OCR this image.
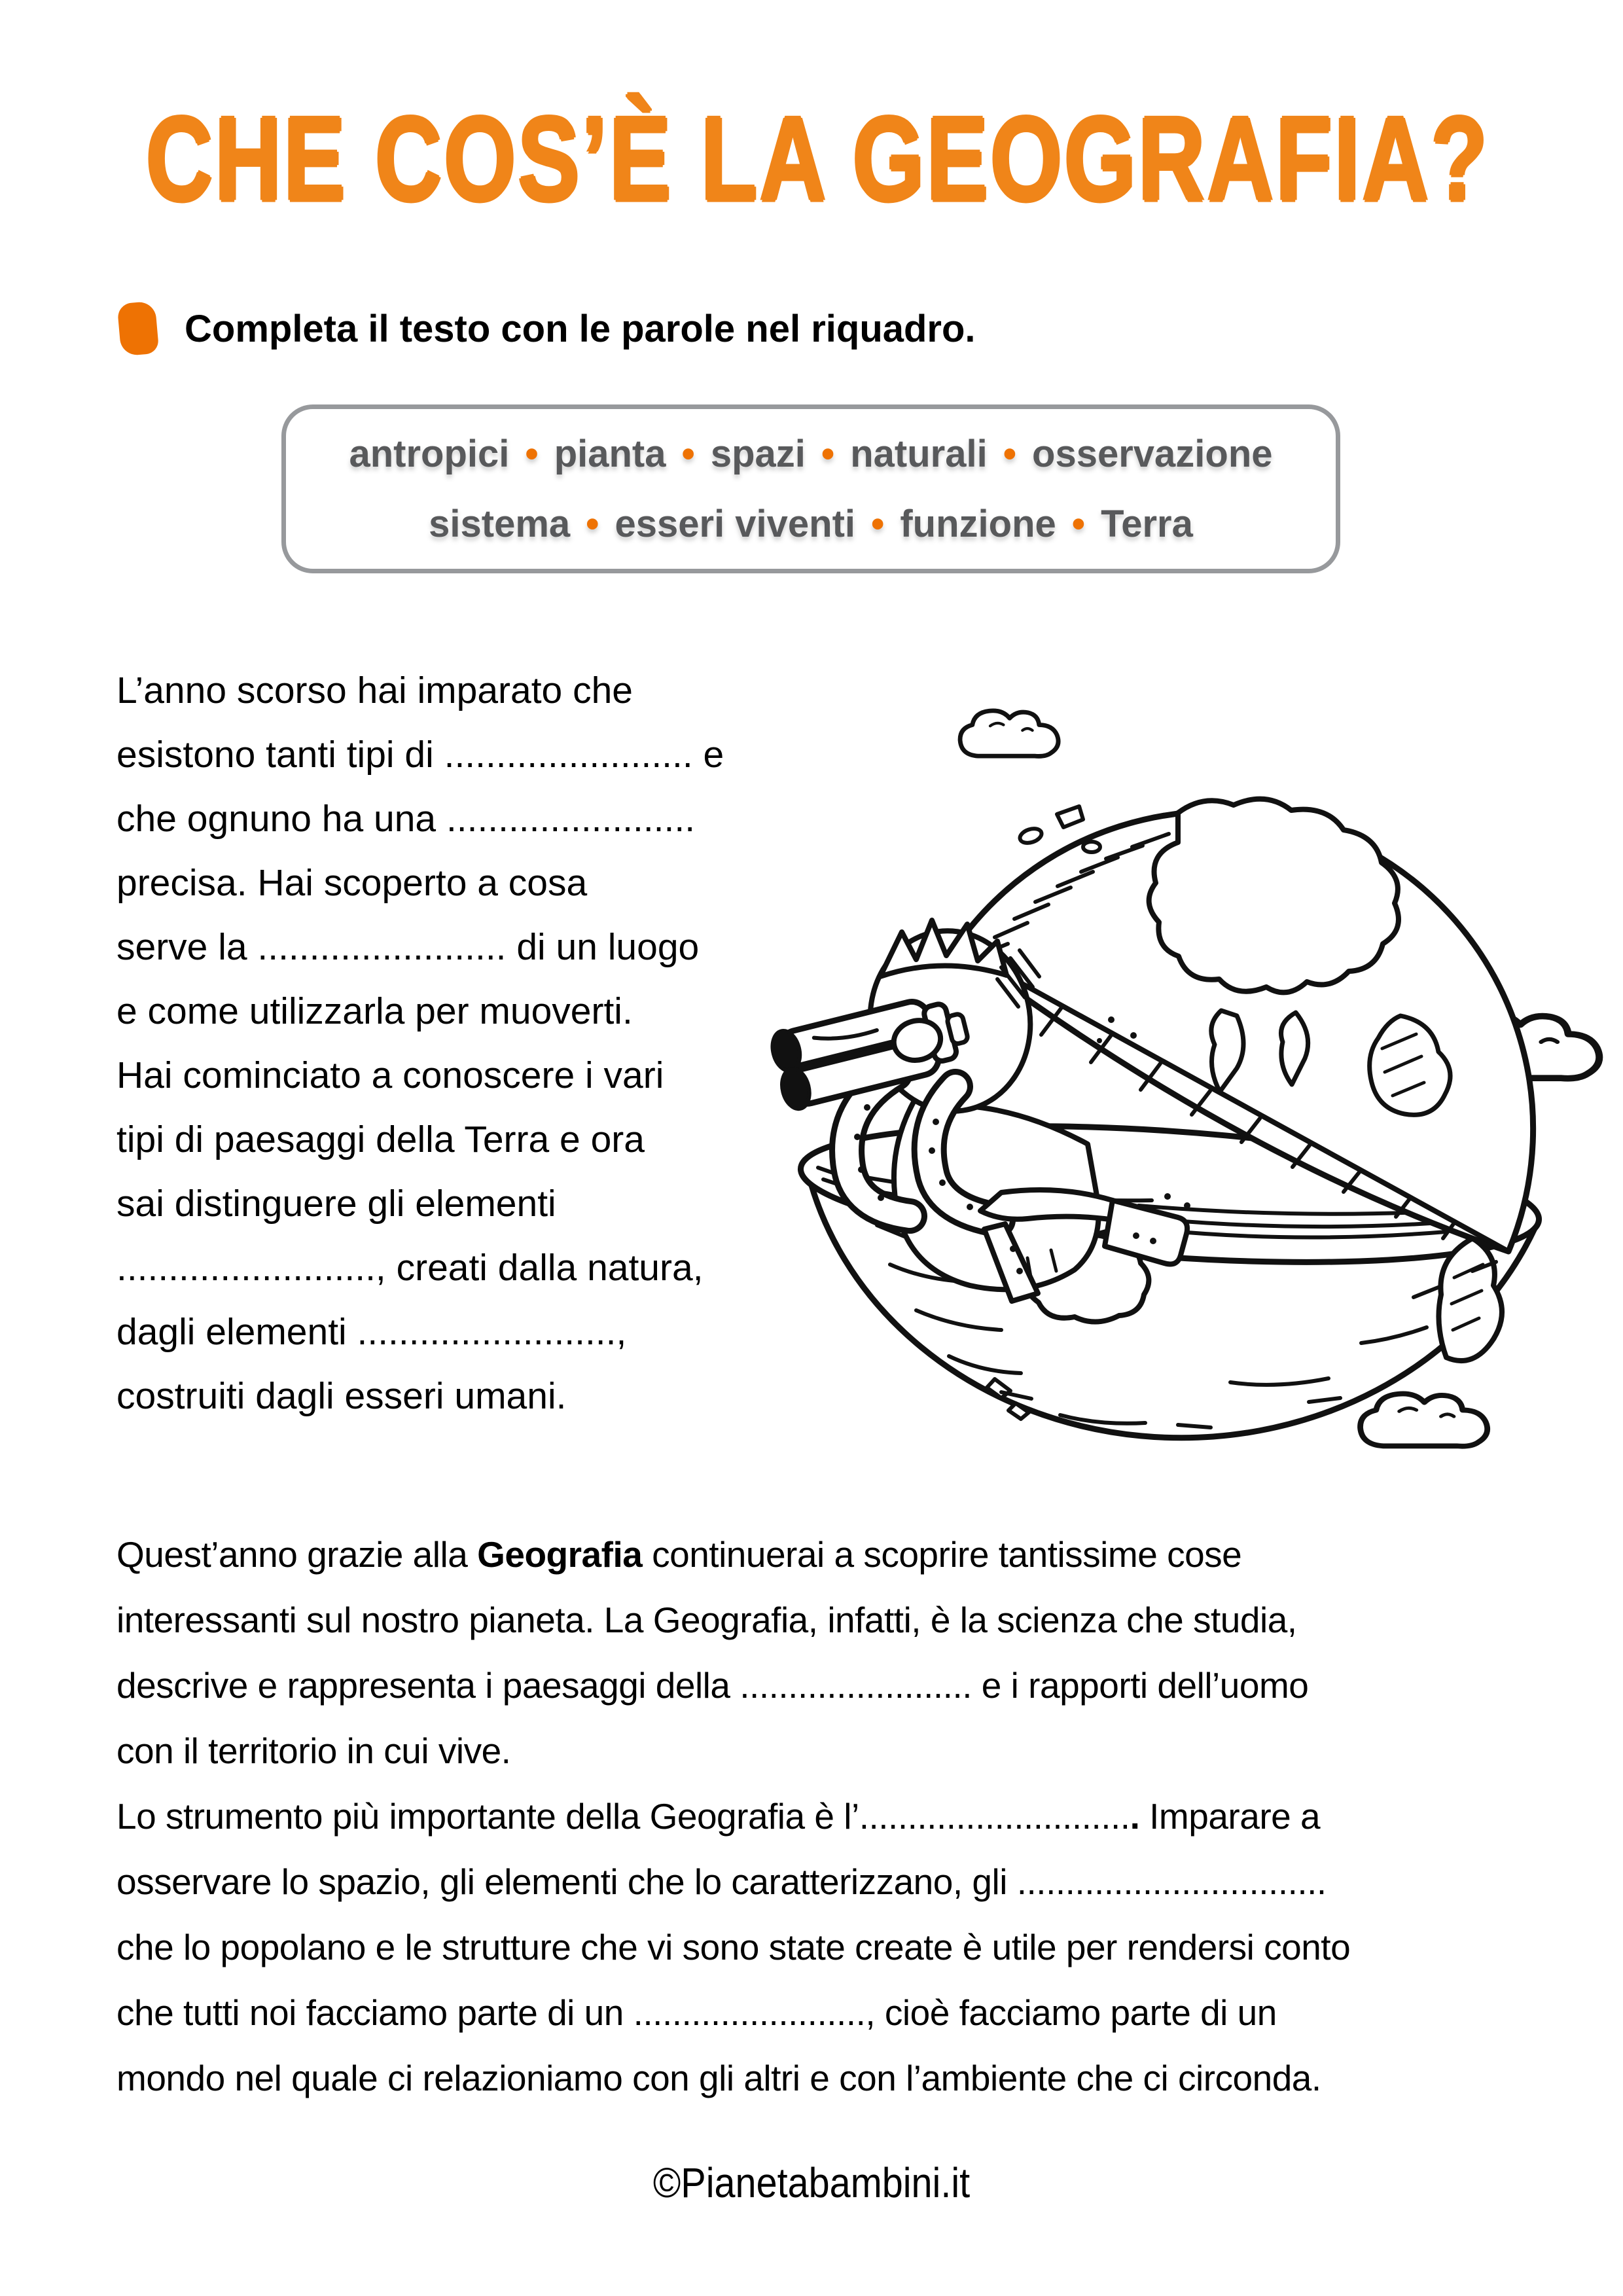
CHE COS’È LA GEOGRAFIA?
Completa il testo con le parole nel riquadro.
antropici • pianta • spazi • naturali • osservazione
sistema • esseri viventi • funzione • Terra
L’anno scorso hai imparato che
esistono tanti tipi di ........................ e
che ognuno ha una ........................
precisa. Hai scoperto a cosa
serve la ........................ di un luogo
e come utilizzarla per muoverti.
Hai cominciato a conoscere i vari
tipi di paesaggi della Terra e ora
sai distinguere gli elementi
........................., creati dalla natura,
dagli elementi .........................,
costruiti dagli esseri umani.
Quest’anno grazie alla Geografia continuerai a scoprire tantissime cose
interessanti sul nostro pianeta. La Geografia, infatti, è la scienza che studia,
descrive e rappresenta i paesaggi della ........................ e i rapporti dell’uomo
con il territorio in cui vive.
Lo strumento più importante della Geografia è l’............................. Imparare a
osservare lo spazio, gli elementi che lo caratterizzano, gli ................................
che lo popolano e le strutture che vi sono state create è utile per rendersi conto
che tutti noi facciamo parte di un ........................, cioè facciamo parte di un
mondo nel quale ci relazioniamo con gli altri e con l’ambiente che ci circonda.
©Pianetabambini.it
